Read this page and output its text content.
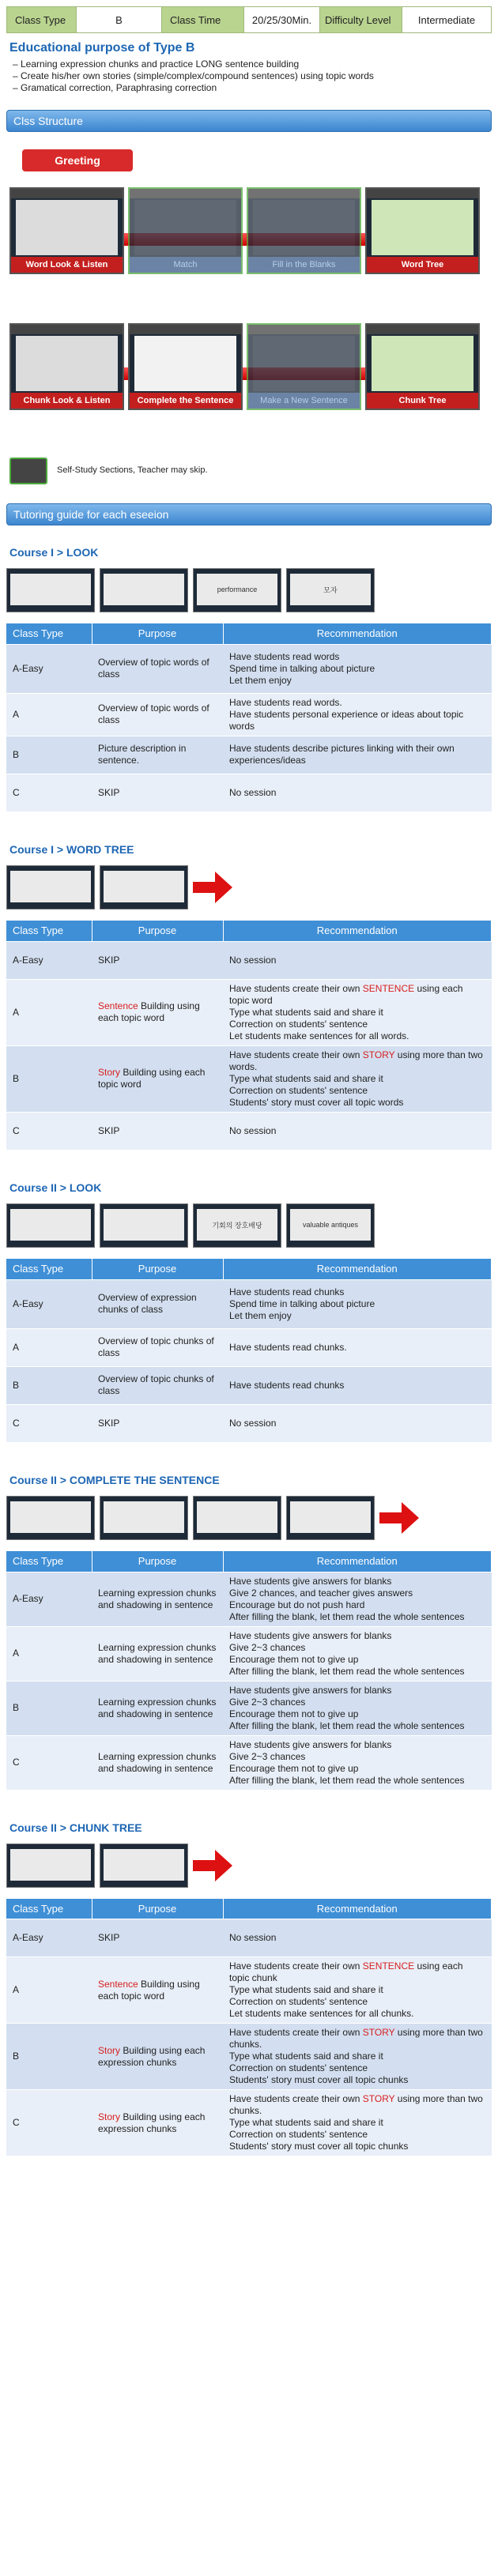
Class Type	B	Class Time	20/25/30Min.	Difficulty Level	Intermediate
Educational purpose of Type B
– Learning expression chunks and practice LONG sentence building
– Create his/her own stories (simple/complex/compound sentences) using topic words
– Gramatical correction, Paraphrasing correction
Clss Structure
Greeting
Word Look & Listen	Match	Fill in the Blanks	Word Tree
Chunk Look & Listen	Complete the Sentence	Make a New Sentence	Chunk Tree
Self-Study Sections, Teacher may skip.
Tutoring guide for each eseeion
Course I > LOOK
performance	모자
Class Type	Purpose	Recommendation
A-Easy	Overview of topic words of class	Have students read words
Spend time in talking about picture
Let them enjoy

A	Overview of topic words of class	Have students read words.
Have students personal experience or ideas about topic words

B	Picture description in sentence.	Have students describe pictures linking with their own experiences/ideas

C	SKIP	No session
Course I > WORD TREE
Class Type	Purpose	Recommendation
A-Easy	SKIP	No session

A	Sentence Building using each topic word	Have students create their own SENTENCE using each topic word
Type what students said and share it
Correction on students' sentence
Let students make sentences for all words.

B	Story Building using each topic word	Have students create their own STORY using more than two words.
Type what students said and share it
Correction on students' sentence
Students' story must cover all topic words

C	SKIP	No session
Course II > LOOK
기회의 장호배당	valuable antiques
Class Type	Purpose	Recommendation
A-Easy	Overview of expression chunks of class	Have students read chunks
Spend time in talking about picture
Let them enjoy

A	Overview of topic chunks of class	Have students read chunks.

B	Overview of topic chunks of class	Have students read chunks

C	SKIP	No session
Course II > COMPLETE THE SENTENCE
Class Type	Purpose	Recommendation
A-Easy	Learning expression chunks and shadowing in sentence	Have students give answers for blanks
Give 2 chances, and teacher gives answers
Encourage but do not push hard
After filling the blank, let them read the whole sentences

A	Learning expression chunks and shadowing in sentence	Have students give answers for blanks
Give 2~3 chances
Encourage them not to give up
After filling the blank, let them read the whole sentences

B	Learning expression chunks and shadowing in sentence	Have students give answers for blanks
Give 2~3 chances
Encourage them not to give up
After filling the blank, let them read the whole sentences

C	Learning expression chunks and shadowing in sentence	Have students give answers for blanks
Give 2~3 chances
Encourage them not to give up
After filling the blank, let them read the whole sentences
Course II > CHUNK TREE
Class Type	Purpose	Recommendation
A-Easy	SKIP	No session

A	Sentence Building using each topic word	Have students create their own SENTENCE using each topic chunk
Type what students said and share it
Correction on students' sentence
Let students make sentences for all chunks.

B	Story Building using each expression chunks	Have students create their own STORY using more than two chunks.
Type what students said and share it
Correction on students' sentence
Students' story must cover all topic chunks

C	Story Building using each expression chunks	Have students create their own STORY using more than two chunks.
Type what students said and share it
Correction on students' sentence
Students' story must cover all topic chunks
